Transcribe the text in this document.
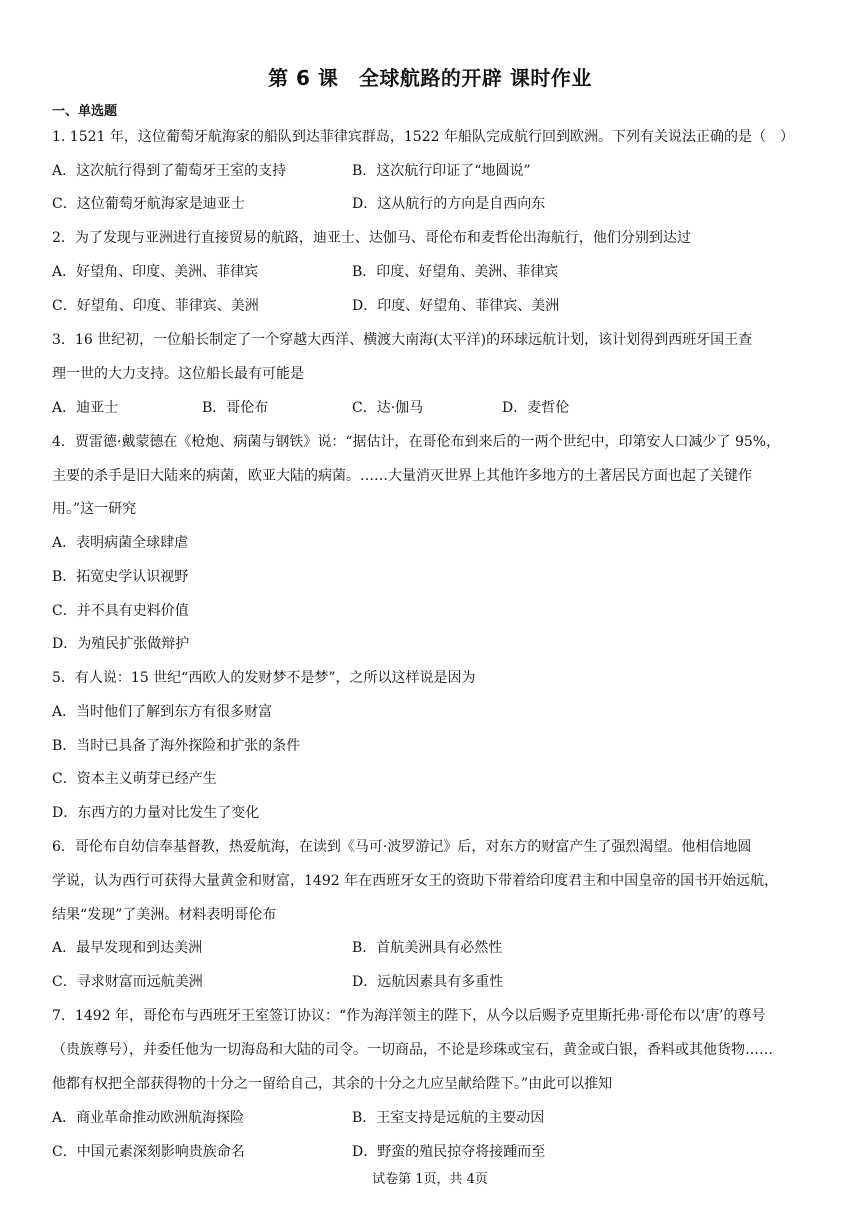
第 6 课　全球航路的开辟 课时作业
一、单选题
1. 1521 年，这位葡萄牙航海家的船队到达菲律宾群岛，1522 年船队完成航行回到欧洲。下列有关说法正确的是（　）
A．这次航行得到了葡萄牙王室的支持	B．这次航行印证了“地圆说”
C．这位葡萄牙航海家是迪亚士	D．这从航行的方向是自西向东
2．为了发现与亚洲进行直接贸易的航路，迪亚士、达伽马、哥伦布和麦哲伦出海航行，他们分别到达过
A．好望角、印度、美洲、菲律宾	B．印度、好望角、美洲、菲律宾
C．好望角、印度、菲律宾、美洲	D．印度、好望角、菲律宾、美洲
3．16 世纪初，一位船长制定了一个穿越大西洋、横渡大南海(太平洋)的环球远航计划，该计划得到西班牙国王查
理一世的大力支持。这位船长最有可能是
A．迪亚士	B．哥伦布	C．达·伽马	D．麦哲伦
4．贾雷德·戴蒙德在《枪炮、病菌与钢铁》说：“据估计，在哥伦布到来后的一两个世纪中，印第安人口减少了 95%，
主要的杀手是旧大陆来的病菌，欧亚大陆的病菌。……大量消灭世界上其他许多地方的土著居民方面也起了关键作
用。”这一研究
A．表明病菌全球肆虐
B．拓宽史学认识视野
C．并不具有史料价值
D．为殖民扩张做辩护
5．有人说：15 世纪“西欧人的发财梦不是梦”，之所以这样说是因为
A．当时他们了解到东方有很多财富
B．当时已具备了海外探险和扩张的条件
C．资本主义萌芽已经产生
D．东西方的力量对比发生了变化
6．哥伦布自幼信奉基督教，热爱航海，在读到《马可·波罗游记》后，对东方的财富产生了强烈渴望。他相信地圆
学说，认为西行可获得大量黄金和财富，1492 年在西班牙女王的资助下带着给印度君主和中国皇帝的国书开始远航，
结果“发现”了美洲。材料表明哥伦布
A．最早发现和到达美洲	B．首航美洲具有必然性
C．寻求财富而远航美洲	D．远航因素具有多重性
7．1492 年，哥伦布与西班牙王室签订协议：“作为海洋领主的陛下，从今以后赐予克里斯托弗·哥伦布以‘唐’的尊号
（贵族尊号），并委任他为一切海岛和大陆的司令。一切商品，不论是珍珠或宝石，黄金或白银，香料或其他货物……
他都有权把全部获得物的十分之一留给自己，其余的十分之九应呈献给陛下。”由此可以推知
A．商业革命推动欧洲航海探险	B．王室支持是远航的主要动因
C．中国元素深刻影响贵族命名	D．野蛮的殖民掠夺将接踵而至
试卷第 1页，共 4页
